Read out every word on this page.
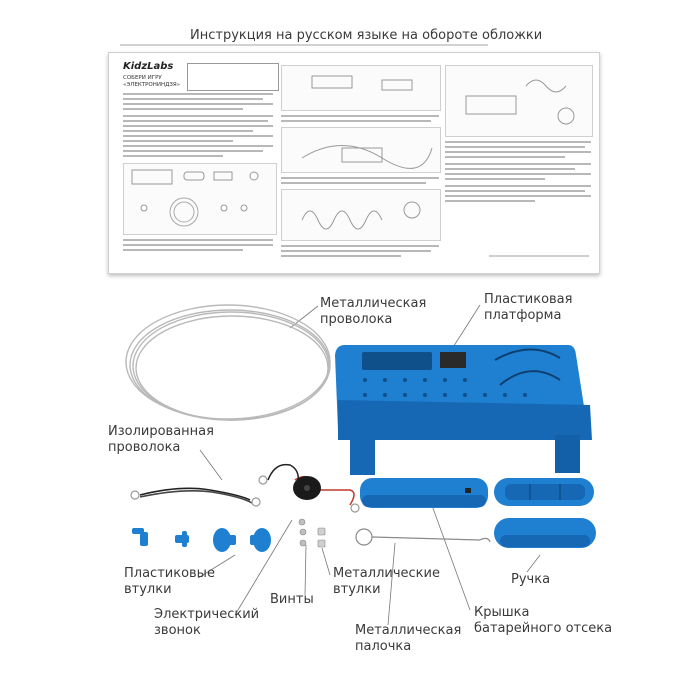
Инструкция на русском языке на обороте обложки
KidzLabs
СОБЕРИ ИГРУ
«ЭЛЕКТРОНИНДЗЯ»
Металлическая
проволока
Пластиковая
платформа
Изолированная
проволока
Пластиковые
втулки
Электрический
звонок
Винты
Металлические
втулки
Металлическая
палочка
Крышка
батарейного отсека
Ручка
